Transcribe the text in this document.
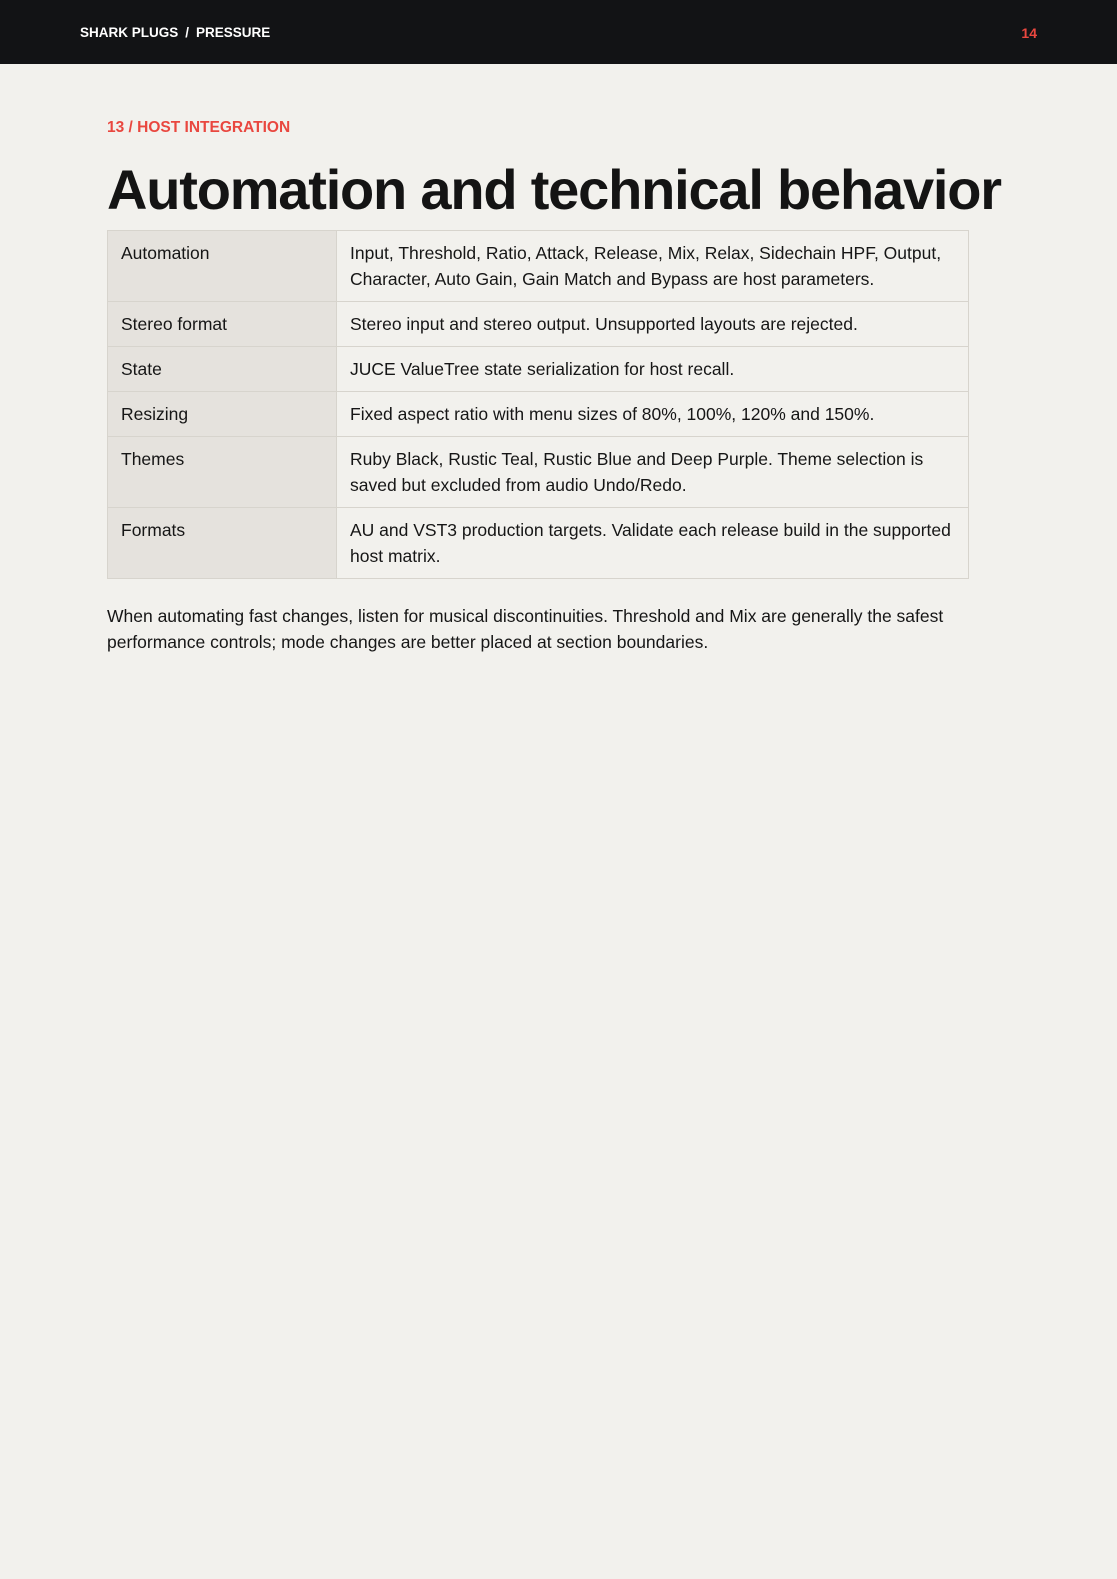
SHARK PLUGS / PRESSURE	14
13 / HOST INTEGRATION
Automation and technical behavior
Automation	Input, Threshold, Ratio, Attack, Release, Mix, Relax, Sidechain HPF, Output, Character, Auto Gain, Gain Match and Bypass are host parameters.
Stereo format	Stereo input and stereo output. Unsupported layouts are rejected.
State	JUCE ValueTree state serialization for host recall.
Resizing	Fixed aspect ratio with menu sizes of 80%, 100%, 120% and 150%.
Themes	Ruby Black, Rustic Teal, Rustic Blue and Deep Purple. Theme selection is saved but excluded from audio Undo/Redo.
Formats	AU and VST3 production targets. Validate each release build in the supported host matrix.

When automating fast changes, listen for musical discontinuities. Threshold and Mix are generally the safest performance controls; mode changes are better placed at section boundaries.
